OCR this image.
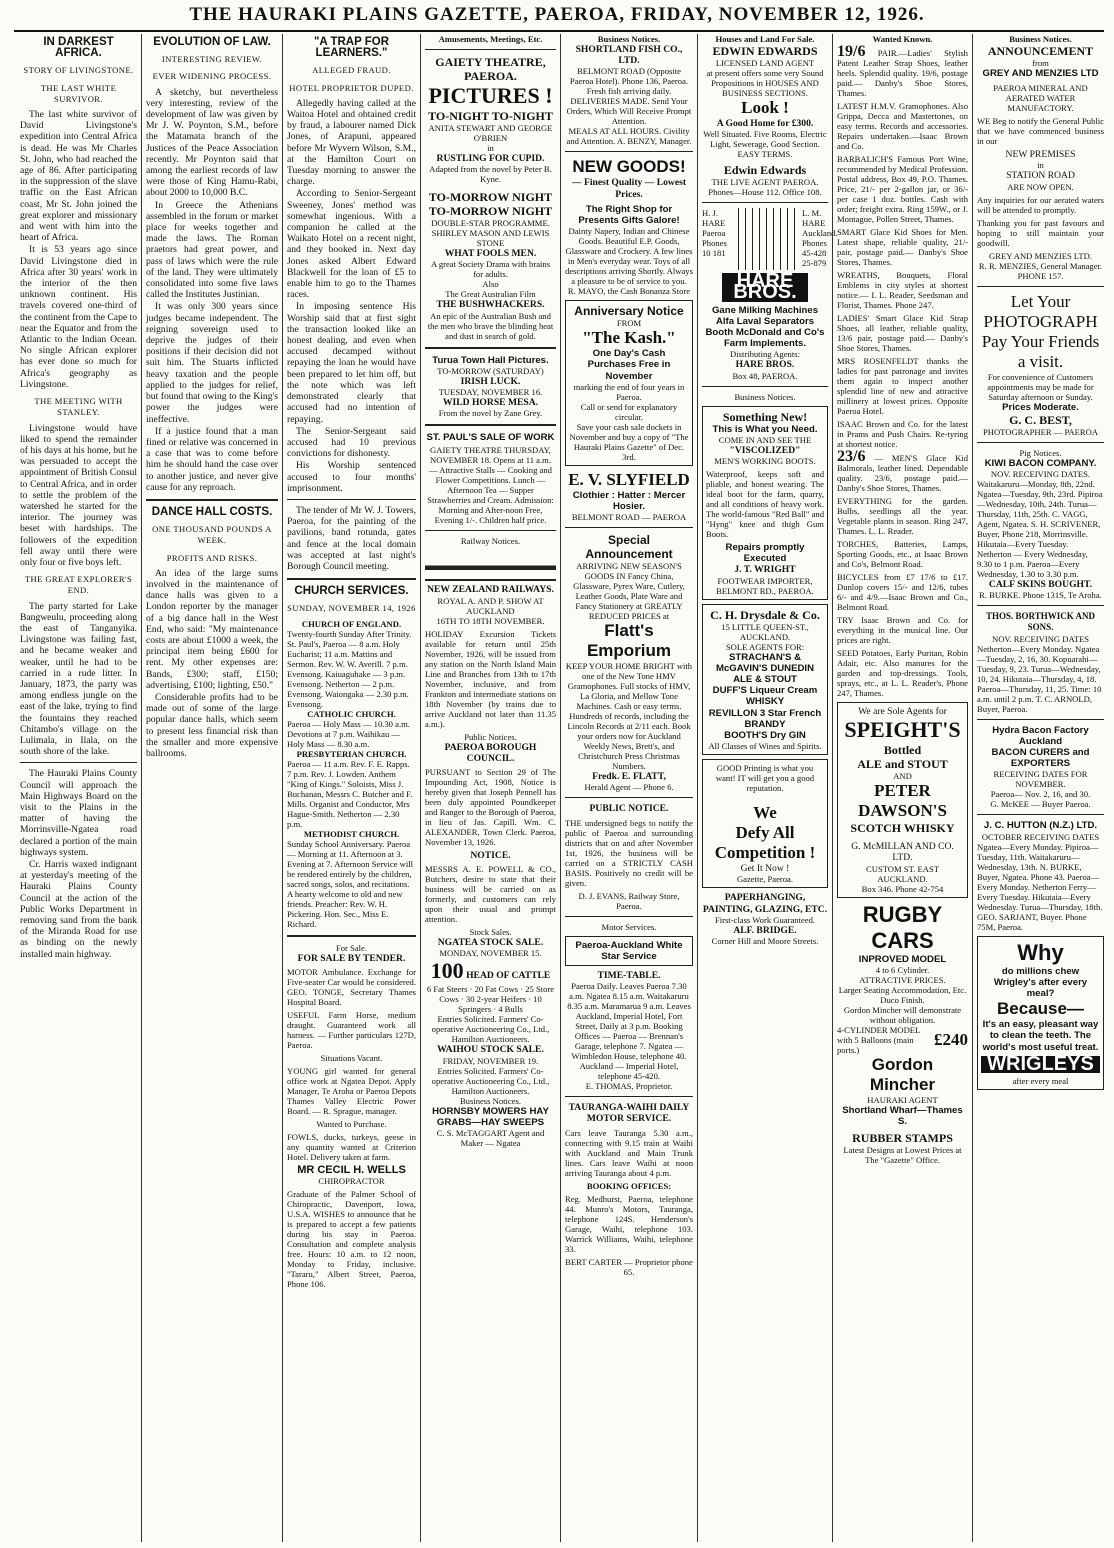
THE HAURAKI PLAINS GAZETTE, PAEROA, FRIDAY, NOVEMBER 12, 1926.
IN DARKEST AFRICA.
STORY OF LIVINGSTONE.
THE LAST WHITE SURVIVOR.

The last white survivor of David Livingstone's expedition into Central Africa is dead. He was Mr Charles St. John, who had reached the age of 86. After participating in the suppression of the slave traffic on the East African coast, Mr St. John joined the great explorer and missionary and went with him into the heart of Africa.

It is 53 years ago since David Livingstone died in Africa after 30 years' work in the interior of the then unknown continent. His travels covered one-third of the continent from the Cape to near the Equator and from the Atlantic to the Indian Ocean. No single African explorer has ever done so much for Africa's geography as Livingstone.

THE MEETING WITH STANLEY.

Livingstone would have liked to spend the remainder of his days at his home, but he was persuaded to accept the appointment of British Consul to Central Africa, and in order to settle the problem of the watershed he started for the interior. The journey was beset with hardships. The followers of the expedition fell away until there were only four or five boys left.

THE GREAT EXPLORER'S END.

The party started for Lake Bangweulu, proceeding along the east of Tanganyika. Livingstone was failing fast, and he became weaker and weaker, until he had to be carried in a rude litter. In January, 1873, the party was among endless jungle on the east of the lake, trying to find the fountains they reached Chitambo's village on the Lulimala, in Ilala, on the south shore of the lake.

The Hauraki Plains County Council will approach the Main Highways Board on the visit to the Plains in the matter of having the Morrinsville-Ngatea road declared a portion of the main highways system.

Cr. Harris waxed indignant at yesterday's meeting of the Hauraki Plains County Council at the action of the Public Works Department in removing sand from the bank of the Miranda Road for use as binding on the newly installed main highway.

EVOLUTION OF LAW.
INTERESTING REVIEW.
EVER WIDENING PROCESS.

A sketchy, but nevertheless very interesting, review of the development of law was given by Mr J. W. Poynton, S.M., before the Matamata branch of the Justices of the Peace Association recently. Mr Poynton said that among the earliest records of law were those of King Hamu-Rabi, about 2000 to 10,000 B.C.

In Greece the Athenians assembled in the forum or market place for weeks together and made the laws. The Roman praetors had great power, and pass of laws which were the rule of the land. They were ultimately consolidated into some five laws called the Institutes Justinian.

It was only 300 years since judges became independent. The reigning sovereign used to deprive the judges of their positions if their decision did not suit him. The Stuarts inflicted heavy taxation and the people applied to the judges for relief, but found that owing to the King's power the judges were ineffective.

If a justice found that a man fined or relative was concerned in a case that was to come before him he should hand the case over to another justice, and never give cause for any reproach.

DANCE HALL COSTS.
ONE THOUSAND POUNDS A WEEK.
PROFITS AND RISKS.

An idea of the large sums involved in the maintenance of dance halls was given to a London reporter by the manager of a big dance hall in the West End, who said: "My maintenance costs are about £1000 a week, the principal item being £600 for rent. My other expenses are: Bands, £300; staff, £150; advertising, £100; lighting, £50."

Considerable profits had to be made out of some of the large popular dance halls, which seem to present less financial risk than the smaller and more expensive ballrooms.

"A TRAP FOR LEARNERS."
ALLEGED FRAUD.
HOTEL PROPRIETOR DUPED.

Allegedly having called at the Waitoa Hotel and obtained credit by fraud, a labourer named Dick Jones, of Arapuni, appeared before Mr Wyvern Wilson, S.M., at the Hamilton Court on Tuesday morning to answer the charge.

According to Senior-Sergeant Sweeney, Jones' method was somewhat ingenious. With a companion he called at the Waikato Hotel on a recent night, and they booked in. Next day Jones asked Albert Edward Blackwell for the loan of £5 to enable him to go to the Thames races.

In imposing sentence His Worship said that at first sight the transaction looked like an honest dealing, and even when accused decamped without repaying the loan he would have been prepared to let him off, but the note which was left demonstrated clearly that accused had no intention of repaying.

The Senior-Sergeant said accused had 10 previous convictions for dishonesty.

His Worship sentenced accused to four months' imprisonment.

The tender of Mr W. J. Towers, Paeroa, for the painting of the pavilions, band rotunda, gates and fence at the local domain was accepted at last night's Borough Council meeting.

CHURCH SERVICES.
SUNDAY, NOVEMBER 14, 1926
CHURCH OF ENGLAND.

Twenty-fourth Sunday After Trinity. St. Paul's, Paeroa — 8 a.m. Holy Eucharist; 11 a.m. Mattins and Sermon. Rev. W. W. Averill. 7 p.m. Evensong. Kaiuaguhake — 3 p.m. Evensong. Netherton — 2 p.m. Evensong. Waiongaka — 2.30 p.m. Evensong.

CATHOLIC CHURCH.

Paeroa — Holy Mass — 10.30 a.m. Devotions at 7 p.m. Waihikau — Holy Mass — 8.30 a.m.

PRESBYTERIAN CHURCH.

Paeroa — 11 a.m. Rev. F. E. Rapps. 7 p.m. Rev. J. Lowden. Anthem "King of Kings." Soloists, Miss J. Buchanan, Messrs C. Butcher and F. Mills. Organist and Conductor, Mrs Hague-Smith. Netherton — 2.30 p.m.

METHODIST CHURCH.

Sunday School Anniversary. Paeroa — Morning at 11. Afternoon at 3. Evening at 7. Afternoon Service will be rendered entirely by the children, sacred songs, solos, and recitations. A hearty welcome to old and new friends. Preacher: Rev. W. H. Pickering. Hon. Sec., Miss E. Richard.

For Sale.
FOR SALE BY TENDER.

MOTOR Ambulance. Exchange for Five-seater Car would be considered. GEO. TONGE, Secretary Thames Hospital Board.

USEFUL Farm Horse, medium draught. Guaranteed work all harness. — Further particulars 127D, Paeroa.

Situations Vacant.

YOUNG girl wanted for general office work at Ngatea Depot. Apply Manager, Te Aroha or Paeroa Depots Thames Valley Electric Power Board. — R. Sprague, manager.

Wanted to Purchase.

FOWLS, ducks, turkeys, geese in any quantity wanted at Criterion Hotel. Delivery taken at farm.

MR CECIL H. WELLS
CHIROPRACTOR

Graduate of the Palmer School of Chiropractic, Davenport, Iowa, U.S.A. WISHES to announce that he is prepared to accept a few patients during his stay in Paeroa. Consultation and complete analysis free. Hours: 10 a.m. to 12 noon, Monday to Friday, inclusive. "Tararu," Albert Street, Paeroa, Phone 106.

Amusements, Meetings, Etc.
GAIETY THEATRE, PAEROA.
PICTURES !
TO-NIGHT TO-NIGHT
ANITA STEWART AND GEORGE O'BRIEN
in
RUSTLING FOR CUPID.
Adapted from the novel by Peter B. Kyne.
TO-MORROW NIGHT TO-MORROW NIGHT
DOUBLE-STAR PROGRAMME.
SHIRLEY MASON AND LEWIS STONE
WHAT FOOLS MEN.
A great Society Drama with brains for adults.
Also
The Great Australian Film
THE BUSHWHACKERS.
An epic of the Australian Bush and the men who brave the blinding heat and dust in search of gold.
Turua Town Hall Pictures.
TO-MORROW (SATURDAY)
IRISH LUCK.
TUESDAY, NOVEMBER 16.
WILD HORSE MESA.
From the novel by Zane Grey.
ST. PAUL'S SALE OF WORK

GAIETY THEATRE THURSDAY, NOVEMBER 18. Opens at 11 a.m. — Attractive Stalls — Cooking and Flower Competitions. Lunch — Afternoon Tea — Supper Strawberries and Cream. Admission: Morning and After-noon Free, Evening 1/-. Children half price.

Railway Notices.
NEW ZEALAND RAILWAYS.
ROYAL A. AND P. SHOW AT AUCKLAND
16TH TO 18TH NOVEMBER.

HOLIDAY Excursion Tickets available for return until 25th November, 1926, will be issued from any station on the North Island Main Line and Branches from 13th to 17th November, inclusive, and from Frankton and intermediate stations on 18th November (by trains due to arrive Auckland not later than 11.35 a.m.).

Public Notices.
PAEROA BOROUGH COUNCIL.

PURSUANT to Section 29 of The Impounding Act, 1908, Notice is hereby given that Joseph Pennell has been duly appointed Poundkeeper and Ranger to the Borough of Paeroa, in lieu of Jas. Capill. Wm. C. ALEXANDER, Town Clerk. Paeroa, November 13, 1926.

NOTICE.

MESSRS A. E. POWELL & CO., Butchers, desire to state that their business will be carried on as formerly, and customers can rely upon their usual and prompt attention.

Stock Sales.
NGATEA STOCK SALE.
MONDAY, NOVEMBER 15.
100 HEAD OF CATTLE
6 Fat Steers · 20 Fat Cows · 25 Store Cows · 30 2-year Heifers · 10 Springers · 4 Bulls
Entries Solicited. Farmers' Co-operative Auctioneering Co., Ltd., Hamilton Auctioneers.
WAIHOU STOCK SALE.
FRIDAY, NOVEMBER 19.
Entries Solicited. Farmers' Co-operative Auctioneering Co., Ltd., Hamilton Auctioneers.
Business Notices.
HORNSBY MOWERS HAY GRABS—HAY SWEEPS
C. S. McTAGGART Agent and Maker — Ngatea
Business Notices.
SHORTLAND FISH CO., LTD.
BELMONT ROAD (Opposite Paeroa Hotel). Phone 136, Paeroa.
Fresh fish arriving daily. DELIVERIES MADE. Send Your Orders, Which Will Receive Prompt Attention.
MEALS AT ALL HOURS. Civility and Attention. A. BENZY, Manager.
NEW GOODS!
— Finest Quality — Lowest Prices.
The Right Shop for Presents Gifts Galore!
Dainty Napery, Indian and Chinese Goods. Beautiful E.P. Goods, Glassware and Crockery. A few lines in Men's everyday wear. Toys of all descriptions arriving Shortly. Always a pleasure to be of service to you.
R. MAYO, the Cash Bonanza Store
Anniversary Notice
FROM
"The Kash."
One Day's Cash Purchases Free in November
marking the end of four years in Paeroa.
Call or send for explanatory circular.
Save your cash sale dockets in November and buy a copy of "The Hauraki Plains Gazette" of Dec. 3rd.
E. V. SLYFIELD
Clothier : Hatter : Mercer Hosier.
BELMONT ROAD — PAEROA
Special Announcement
ARRIVING NEW SEASON'S GOODS IN Fancy China, Glassware, Pyrex Ware, Cutlery, Leather Goods, Plate Ware and Fancy Stationery at GREATLY REDUCED PRICES at
Flatt's Emporium
KEEP YOUR HOME BRIGHT with one of the New Tone HMV Gramophones. Full stocks of HMV, La Gloria, and Mellow Tone Machines. Cash or easy terms. Hundreds of records, including the Lincoln Records at 2/11 each. Book your orders now for Auckland Weekly News, Brett's, and Christchurch Press Christmas Numbers.
Fredk. E. FLATT,
Herald Agent — Phone 6.
PUBLIC NOTICE.

THE undersigned begs to notify the public of Paeroa and surrounding districts that on and after November 1st, 1926, the business will be carried on a STRICTLY CASH BASIS. Positively no credit will be given.

D. J. EVANS, Railway Store, Paeroa.
Motor Services.
Paeroa-Auckland White Star Service
TIME-TABLE.
Paeroa Daily. Leaves Paeroa 7.30 a.m. Ngatea 8.15 a.m. Waitakaruru 8.35 a.m. Maramarua 9 a.m. Leaves Auckland, Imperial Hotel, Fort Street, Daily at 3 p.m. Booking Offices — Paeroa — Brennan's Garage, telephone 7. Ngatea — Wimbledon House, telephone 40. Auckland — Imperial Hotel, telephone 45-420.
E. THOMAS, Proprietor.
TAURANGA-WAIHI DAILY MOTOR SERVICE.

Cars leave Tauranga 5.30 a.m., connecting with 9.15 train at Waihi with Auckland and Main Trunk lines. Cars leave Waihi at noon arriving Tauranga about 4 p.m.

BOOKING OFFICES:

Reg. Medhurst, Paeroa, telephone 44. Munro's Motors, Tauranga, telephone 124S. Henderson's Garage, Waihi, telephone 103. Warrick Williams, Waihi, telephone 33.

BERT CARTER — Proprietor phone 65.
Houses and Land For Sale.
EDWIN EDWARDS
LICENSED LAND AGENT
at present offers some very Sound Propositions in HOUSES AND BUSINESS SECTIONS.
Look !
A Good Home for £300.
Well Situated. Five Rooms, Electric Light, Sewerage, Good Section. EASY TERMS.
Edwin Edwards
THE LIVE AGENT PAEROA.
Phones—House 112. Office 108.
H. J. HARE Paeroa Phones 10 181
L. M. HARE Auckland. Phones 45-428 25-879
HARE BROS.
Gane Milking Machines Alfa Laval Separators Booth McDonald and Co's Farm Implements.
Distributing Agents:
HARE BROS.
Box 48, PAEROA.
Business Notices.
Something New!
This is What you Need.
COME IN AND SEE THE
"VISCOLIZED"
MEN'S WORKING BOOTS.

Waterproof, keeps soft and pliable, and honest wearing. The ideal boot for the farm, quarry, and all conditions of heavy work. The world-famous "Red Ball" and "Hyng" knee and thigh Gum Boots.

Repairs promptly Executed
J. T. WRIGHT
FOOTWEAR IMPORTER, BELMONT RD., PAEROA.
C. H. Drysdale & Co.
15 LITTLE QUEEN-ST., AUCKLAND.
SOLE AGENTS FOR:
STRACHAN'S & McGAVIN'S DUNEDIN ALE & STOUT
DUFF'S Liqueur Cream WHISKY
REVILLON 3 Star French BRANDY
BOOTH'S Dry GIN
All Classes of Wines and Spirits.
GOOD Printing is what you want! IT will get you a good reputation.
We
Defy All
Competition !
Get It Now !
Gazette, Paeroa.
PAPERHANGING, PAINTING, GLAZING, ETC.
First-class Work Guaranteed.
ALF. BRIDGE.
Corner Hill and Moore Streets.
Wanted Known.

19/6 PAIR.—Ladies' Stylish Patent Leather Strap Shoes, leather heels. Splendid quality. 19/6, postage paid.— Danby's Shoe Stores, Thames.

LATEST H.M.V. Gramophones. Also Grippa, Decca and Mastertones, on easy terms. Records and accessories. Repairs undertaken.—Isaac Brown and Co.

BARBALICH'S Famous Port Wine, recommended by Medical Profession. Postal address, Box 49, P.O. Thames. Price, 21/- per 2-gallon jar, or 36/- per case 1 doz. bottles. Cash with order; freight extra. Ring 159W., or J. Montague, Pollen Street, Thames.

SMART Glace Kid Shoes for Men. Latest shape, reliable quality, 21/- pair, postage paid.— Danby's Shoe Stores, Thames.

WREATHS, Bouquets, Floral Emblems in city styles at shortest notice.— I. L. Reader, Seedsman and Florist, Thames. Phone 247.

LADIES' Smart Glace Kid Strap Shoes, all leather, reliable quality, 13/6 pair, postage paid.— Danby's Shoe Stores, Thames.

MRS ROSENFELDT thanks the ladies for past patronage and invites them again to inspect another splendid line of new and attractive millinery at lowest prices. Opposite Paeroa Hotel.

ISAAC Brown and Co. for the latest in Prams and Push Chairs. Re-tyring at shortest notice.

23/6 — MEN'S Glace Kid Balmorals, leather lined. Dependable quality. 23/6, postage paid.— Danby's Shoe Stores, Thames.

EVERYTHING for the garden. Bulbs, seedlings all the year. Vegetable plants in season. Ring 247, Thames. L. L. Reader.

TORCHES, Batteries, Lamps, Sporting Goods, etc., at Isaac Brown and Co's, Belmont Road.

BICYCLES from £7 17/6 to £17. Dunlop covers 15/- and 12/6, tubes 6/- and 4/9.—Isaac Brown and Co., Belmont Road.

TRY Isaac Brown and Co. for everything in the musical line. Our prices are right.

SEED Potatoes, Early Puritan, Robin Adair, etc. Also manures for the garden and top-dressings. Tools, sprays, etc., at L. L. Reader's, Phone 247, Thames.

We are Sole Agents for
SPEIGHT'S
Bottled
ALE and STOUT
AND
PETER DAWSON'S
SCOTCH WHISKY
G. McMILLAN AND CO. LTD.
CUSTOM ST. EAST AUCKLAND.
Box 346. Phone 42-754
RUGBY CARS
INPROVED MODEL
4 to 6 Cylinder.
ATTRACTIVE PRICES.
Larger Seating Accommodation, Etc. Duco Finish.
Gordon Mincher will demonstrate without obligation.
4-CYLINDER MODEL with 5 Balloons (main ports.)
£240
Gordon Mincher
HAURAKI AGENT
Shortland Wharf—Thames S.
RUBBER STAMPS
Latest Designs at Lowest Prices at The "Gazette" Office.
Business Notices.
ANNOUNCEMENT
from
GREY AND MENZIES LTD
PAEROA MINERAL AND AERATED WATER MANUFACTORY.

WE Beg to notify the General Public that we have commenced business in our

NEW PREMISES
in
STATION ROAD
ARE NOW OPEN.

Any inquiries for our aerated waters will be attended to promptly.

Thanking you for past favours and hoping to still maintain your goodwill.

GREY AND MENZIES LTD.
R. R. MENZIES, General Manager.
PHONE 157.
Let Your
PHOTOGRAPH
Pay Your Friends
a visit.
For convenience of Customers appointments may be made for Saturday afternoon or Sunday.
Prices Moderate.
G. C. BEST,
PHOTOGRAPHER — PAEROA
Pig Notices.
KIWI BACON COMPANY.
NOV. RECEIVING DATES.
Waitakaruru—Monday, 8th, 22nd. Ngatea—Tuesday, 9th, 23rd. Pipiroa—Wednesday, 10th, 24th. Turua—Thursday, 11th, 25th. C. VAGG, Agent, Ngatea. S. H. SCRIVENER, Buyer, Phone 218, Morrinsville. Hikutaia—Every Tuesday. Netherton — Every Wednesday, 9.30 to 1 p.m. Paeroa—Every Wednesday, 1.30 to 3.30 p.m.
CALF SKINS BOUGHT.
R. BURKE. Phone 131S, Te Aroha.
THOS. BORTHWICK AND SONS.
NOV. RECEIVING DATES
Netherton—Every Monday. Ngatea—Tuesday, 2, 16, 30. Kopuarahi—Tuesday, 9, 23. Turua—Wednesday, 10, 24. Hikutaia—Thursday, 4, 18. Paeroa—Thursday, 11, 25. Time: 10 a.m. until 2 p.m. T. C. ARNOLD, Buyer, Paeroa.
Hydra Bacon Factory Auckland
BACON CURERS and EXPORTERS
RECEIVING DATES FOR NOVEMBER.
Paeroa— Nov. 2, 16, and 30.
G. McKEE — Buyer Paeroa.
J. C. HUTTON (N.Z.) LTD.
OCTOBER RECEIVING DATES
Ngatea—Every Monday. Pipiroa—Tuesday, 11th. Waitakaruru—Wednesday, 13th. N. BURKE, Buyer, Ngatea. Phone 43. Paeroa—Every Monday. Netherton Ferry—Every Tuesday. Hikutaia—Every Wednesday. Turua—Thursday, 18th. GEO. SARJANT, Buyer. Phone 75M, Paeroa.
Why
do millions chew Wrigley's after every meal?
Because—
It's an easy, pleasant way to clean the teeth. The world's most useful treat.
WRIGLEYS
after every meal
